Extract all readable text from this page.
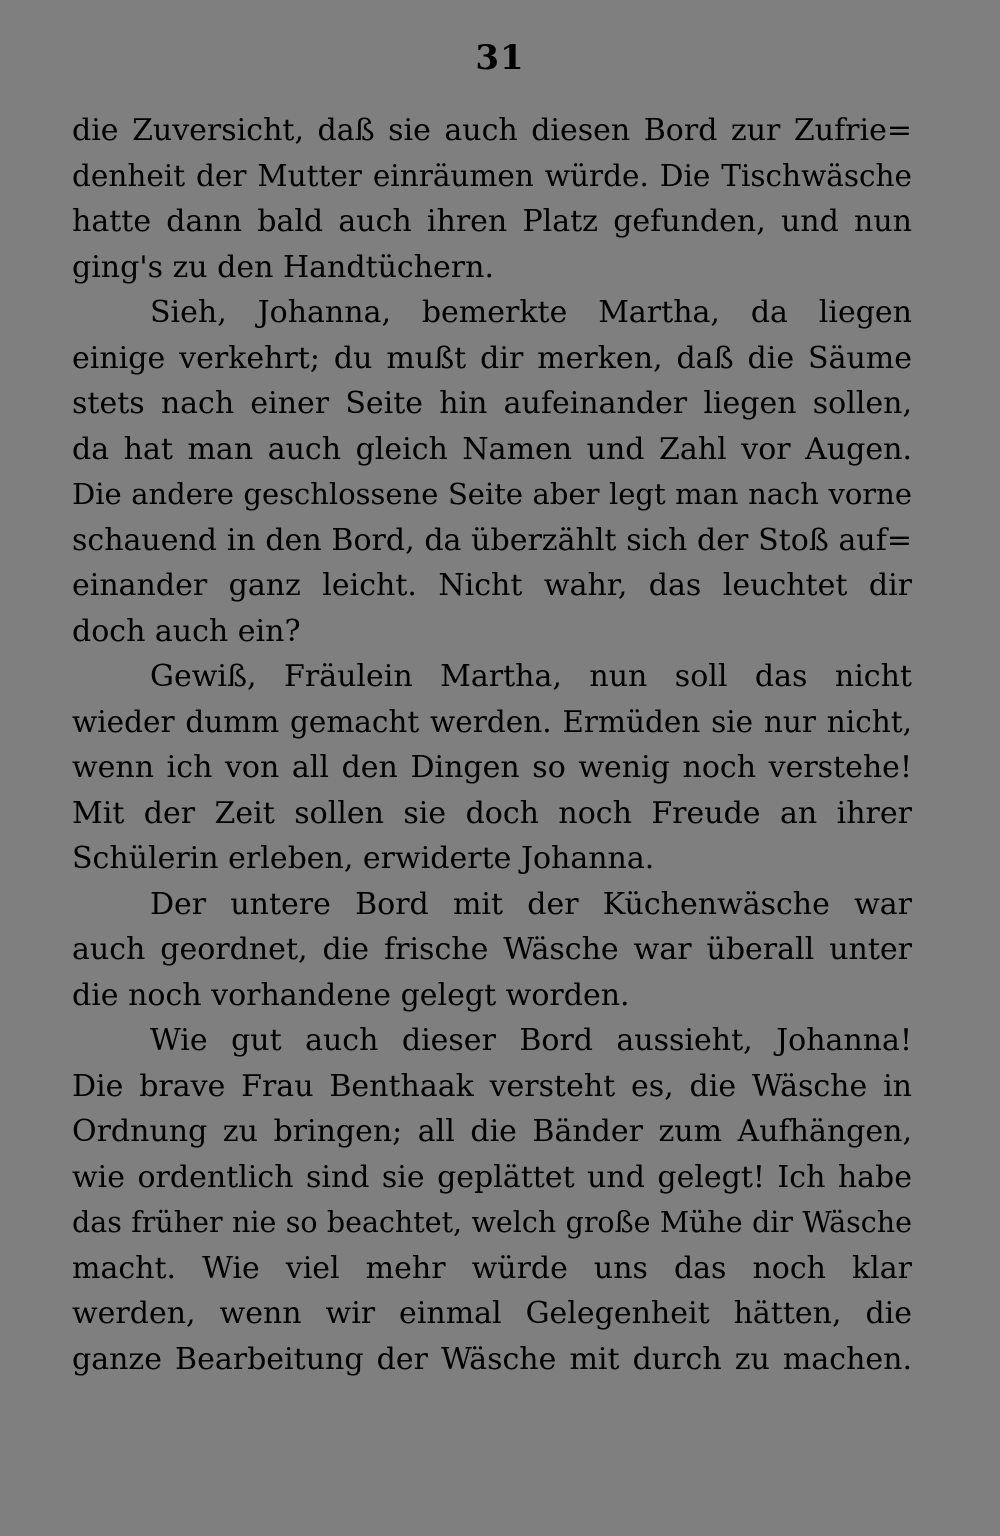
31
die Zuversicht, daß sie auch diesen Bord zur Zufrie=
denheit der Mutter einräumen würde. Die Tischwäsche
hatte dann bald auch ihren Platz gefunden, und nun
ging's zu den Handtüchern.
Sieh, Johanna, bemerkte Martha, da liegen
einige verkehrt; du mußt dir merken, daß die Säume
stets nach einer Seite hin aufeinander liegen sollen,
da hat man auch gleich Namen und Zahl vor Augen.
Die andere geschlossene Seite aber legt man nach vorne
schauend in den Bord, da überzählt sich der Stoß auf=
einander ganz leicht. Nicht wahr, das leuchtet dir
doch auch ein?
Gewiß, Fräulein Martha, nun soll das nicht
wieder dumm gemacht werden. Ermüden sie nur nicht,
wenn ich von all den Dingen so wenig noch verstehe!
Mit der Zeit sollen sie doch noch Freude an ihrer
Schülerin erleben, erwiderte Johanna.
Der untere Bord mit der Küchenwäsche war
auch geordnet, die frische Wäsche war überall unter
die noch vorhandene gelegt worden.
Wie gut auch dieser Bord aussieht, Johanna!
Die brave Frau Benthaak versteht es, die Wäsche in
Ordnung zu bringen; all die Bänder zum Aufhängen,
wie ordentlich sind sie geplättet und gelegt! Ich habe
das früher nie so beachtet, welch große Mühe dir Wäsche
macht. Wie viel mehr würde uns das noch klar
werden, wenn wir einmal Gelegenheit hätten, die
ganze Bearbeitung der Wäsche mit durch zu machen.
